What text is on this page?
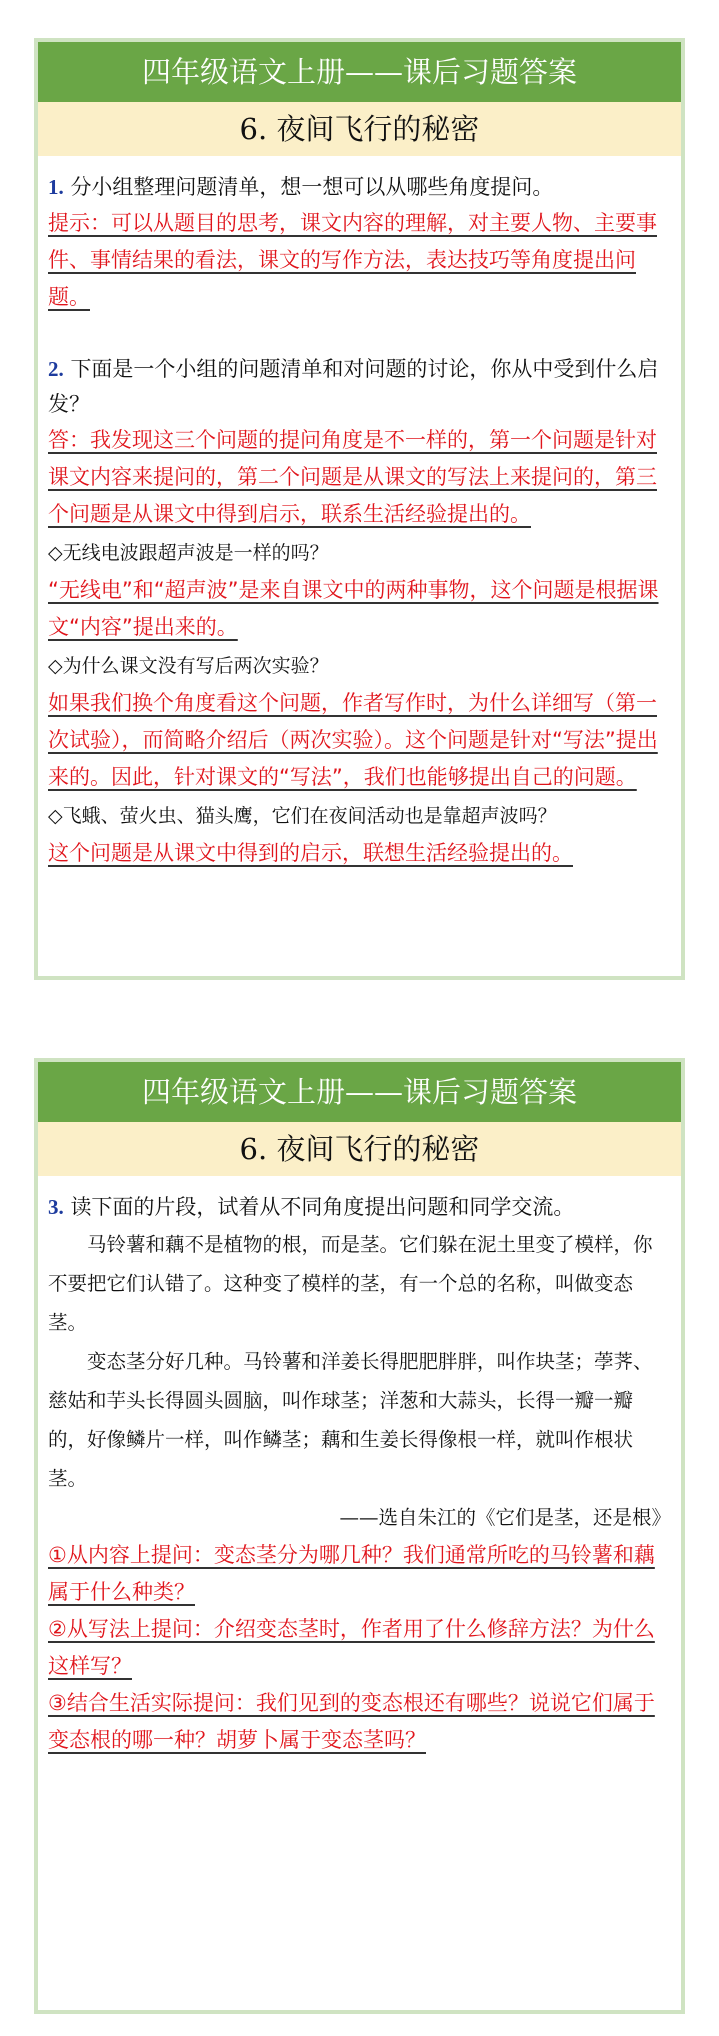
四年级语文上册——课后习题答案
6. 夜间飞行的秘密

1. 分小组整理问题清单，想一想可以从哪些角度提问。

提示：可以从题目的思考，课文内容的理解，对主要人物、主要事件、事情结果的看法，课文的写作方法，表达技巧等角度提出问题。

2. 下面是一个小组的问题清单和对问题的讨论，你从中受到什么启发？

答：我发现这三个问题的提问角度是不一样的，第一个问题是针对课文内容来提问的，第二个问题是从课文的写法上来提问的，第三个问题是从课文中得到启示，联系生活经验提出的。

◇无线电波跟超声波是一样的吗？

“无线电”和“超声波”是来自课文中的两种事物，这个问题是根据课文“内容”提出来的。

◇为什么课文没有写后两次实验？

如果我们换个角度看这个问题，作者写作时，为什么详细写（第一次试验），而简略介绍后（两次实验）。这个问题是针对“写法”提出来的。因此，针对课文的“写法”，我们也能够提出自己的问题。

◇飞蛾、萤火虫、猫头鹰，它们在夜间活动也是靠超声波吗？

这个问题是从课文中得到的启示，联想生活经验提出的。

四年级语文上册——课后习题答案
6. 夜间飞行的秘密

3. 读下面的片段，试着从不同角度提出问题和同学交流。

马铃薯和藕不是植物的根，而是茎。它们躲在泥土里变了模样，你不要把它们认错了。这种变了模样的茎，有一个总的名称，叫做变态茎。

变态茎分好几种。马铃薯和洋姜长得肥肥胖胖，叫作块茎；荸荠、慈姑和芋头长得圆头圆脑，叫作球茎；洋葱和大蒜头，长得一瓣一瓣的，好像鳞片一样，叫作鳞茎；藕和生姜长得像根一样，就叫作根状茎。

——选自朱江的《它们是茎，还是根》

①从内容上提问：变态茎分为哪几种？我们通常所吃的马铃薯和藕属于什么种类？

②从写法上提问：介绍变态茎时，作者用了什么修辞方法？为什么这样写？

③结合生活实际提问：我们见到的变态根还有哪些？说说它们属于变态根的哪一种？胡萝卜属于变态茎吗？
